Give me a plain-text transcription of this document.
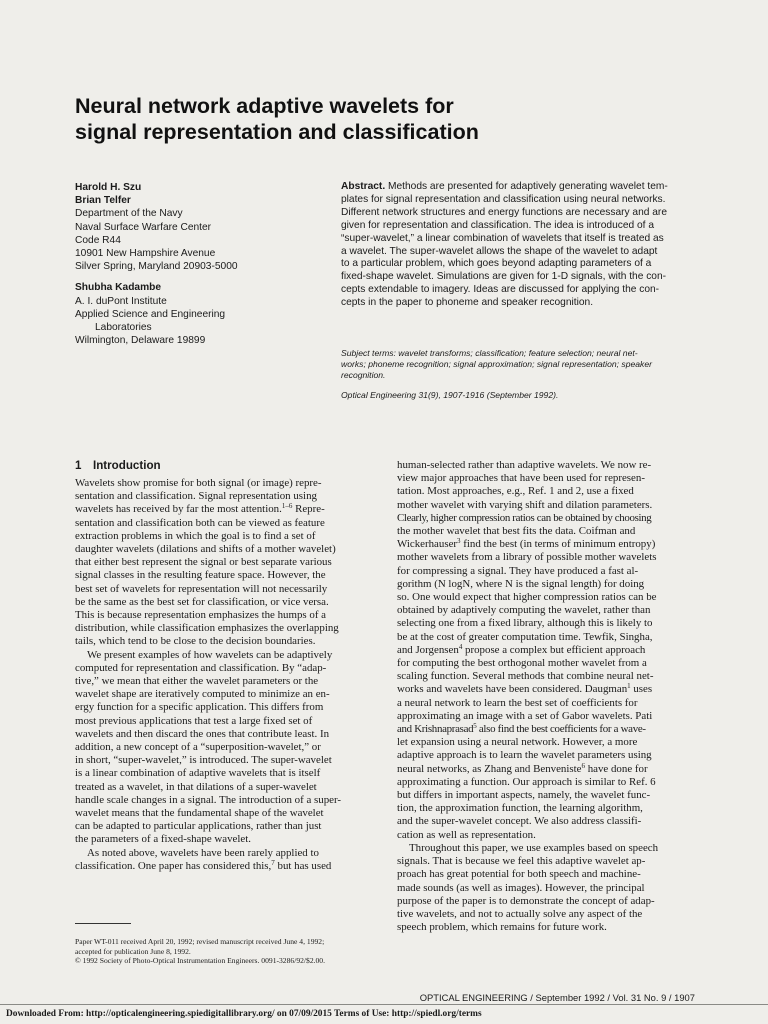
Neural network adaptive wavelets for
signal representation and classification
Harold H. Szu
Brian Telfer
Department of the Navy
Naval Surface Warfare Center
Code R44
10901 New Hampshire Avenue
Silver Spring, Maryland 20903-5000
Shubha Kadambe
A. I. duPont Institute
Applied Science and Engineering
Laboratories
Wilmington, Delaware 19899
Abstract. Methods are presented for adaptively generating wavelet tem-
plates for signal representation and classification using neural networks.
Different network structures and energy functions are necessary and are
given for representation and classification. The idea is introduced of a
“super-wavelet,” a linear combination of wavelets that itself is treated as
a wavelet. The super-wavelet allows the shape of the wavelet to adapt
to a particular problem, which goes beyond adapting parameters of a
fixed-shape wavelet. Simulations are given for 1-D signals, with the con-
cepts extendable to imagery. Ideas are discussed for applying the con-
cepts in the paper to phoneme and speaker recognition.
Subject terms: wavelet transforms; classification; feature selection; neural net-
works; phoneme recognition; signal approximation; signal representation; speaker
recognition.
Optical Engineering 31(9), 1907-1916 (September 1992).
1 Introduction
Wavelets show promise for both signal (or image) repre-
sentation and classification. Signal representation using
wavelets has received by far the most attention.$^{1-6}$ Repre-
sentation and classification both can be viewed as feature
extraction problems in which the goal is to find a set of
daughter wavelets (dilations and shifts of a mother wavelet)
that either best represent the signal or best separate various
signal classes in the resulting feature space. However, the
best set of wavelets for representation will not necessarily
be the same as the best set for classification, or vice versa.
This is because representation emphasizes the humps of a
distribution, while classification emphasizes the overlapping
tails, which tend to be close to the decision boundaries.
We present examples of how wavelets can be adaptively
computed for representation and classification. By “adap-
tive,” we mean that either the wavelet parameters or the
wavelet shape are iteratively computed to minimize an en-
ergy function for a specific application. This differs from
most previous applications that test a large fixed set of
wavelets and then discard the ones that contribute least. In
addition, a new concept of a “superposition-wavelet,” or
in short, “super-wavelet,” is introduced. The super-wavelet
is a linear combination of adaptive wavelets that is itself
treated as a wavelet, in that dilations of a super-wavelet
handle scale changes in a signal. The introduction of a super-
wavelet means that the fundamental shape of the wavelet
can be adapted to particular applications, rather than just
the parameters of a fixed-shape wavelet.
As noted above, wavelets have been rarely applied to
classification. One paper has considered this,$^7$ but has used
human-selected rather than adaptive wavelets. We now re-
view major approaches that have been used for represen-
tation. Most approaches, e.g., Ref. 1 and 2, use a fixed
mother wavelet with varying shift and dilation parameters.
Clearly, higher compression ratios can be obtained by choosing
the mother wavelet that best fits the data. Coifman and
Wickerhauser$^3$ find the best (in terms of minimum entropy)
mother wavelets from a library of possible mother wavelets
for compressing a signal. They have produced a fast al-
gorithm (N logN, where N is the signal length) for doing
so. One would expect that higher compression ratios can be
obtained by adaptively computing the wavelet, rather than
selecting one from a fixed library, although this is likely to
be at the cost of greater computation time. Tewfik, Singha,
and Jorgensen$^4$ propose a complex but efficient approach
for computing the best orthogonal mother wavelet from a
scaling function. Several methods that combine neural net-
works and wavelets have been considered. Daugman$^1$ uses
a neural network to learn the best set of coefficients for
approximating an image with a set of Gabor wavelets. Pati
and Krishnaprasad$^5$ also find the best coefficients for a wave-
let expansion using a neural network. However, a more
adaptive approach is to learn the wavelet parameters using
neural networks, as Zhang and Benveniste$^6$ have done for
approximating a function. Our approach is similar to Ref. 6
but differs in important aspects, namely, the wavelet func-
tion, the approximation function, the learning algorithm,
and the super-wavelet concept. We also address classifi-
cation as well as representation.
Throughout this paper, we use examples based on speech
signals. That is because we feel this adaptive wavelet ap-
proach has great potential for both speech and machine-
made sounds (as well as images). However, the principal
purpose of the paper is to demonstrate the concept of adap-
tive wavelets, and not to actually solve any aspect of the
speech problem, which remains for future work.
Paper WT-011 received April 20, 1992; revised manuscript received June 4, 1992;
accepted for publication June 8, 1992.
© 1992 Society of Photo-Optical Instrumentation Engineers. 0091-3286/92/$2.00.
OPTICAL ENGINEERING / September 1992 / Vol. 31 No. 9 / 1907
Downloaded From: http://opticalengineering.spiedigitallibrary.org/ on 07/09/2015 Terms of Use: http://spiedl.org/terms
